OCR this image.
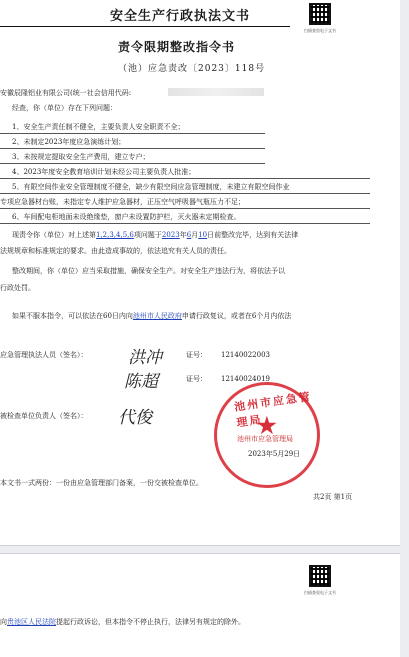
安全生产行政执法文书
扫描查验电子文书
责令限期整改指令书
（池）应急责改〔2023〕118号
安徽辰隆铝业有限公司(统一社会信用代码:
经查，你（单位）存在下列问题：
1、安全生产责任制不健全，主要负责人安全职责不全；
2、未制定2023年度应急演练计划；
3、未按规定提取安全生产费用，建立专户；
4、2023年度安全教育培训计划未经公司主要负责人批准；
5、有限空间作业安全管理制度不健全，缺少有限空间应急管理制度，未建立有限空间作业
专项应急器材台账，未指定专人维护应急器材，正压空气呼吸器气瓶压力不足；
6、车间配电柜地面未设绝缘垫，窗户未设置防护栏，灭火器未定期检查。
现责令你（单位）对上述第1,2,3,4,5,6项问题于2023年6月10日前整改完毕，达到有关法律
法规规章和标准规定的要求。由此造成事故的，依法追究有关人员的责任。
整改期间，你（单位）应当采取措施，确保安全生产。对安全生产违法行为，将依法予以
行政处罚。
如果不服本指令，可以依法在60日内向池州市人民政府申请行政复议，或者在6个月内依法
应急管理执法人员（签名）： 洪冲
陈超
证号： 12140022003
证号： 12140024019
被检查单位负责人（签名）： 代俊
池州市应急管理局
★
池州市应急管理局
2023年5月29日
本文书一式两份：一份由应急管理部门备案，一份交被检查单位。
共2页 第1页
扫描查验电子文书
向贵池区人民法院提起行政诉讼，但本指令不停止执行，法律另有规定的除外。
